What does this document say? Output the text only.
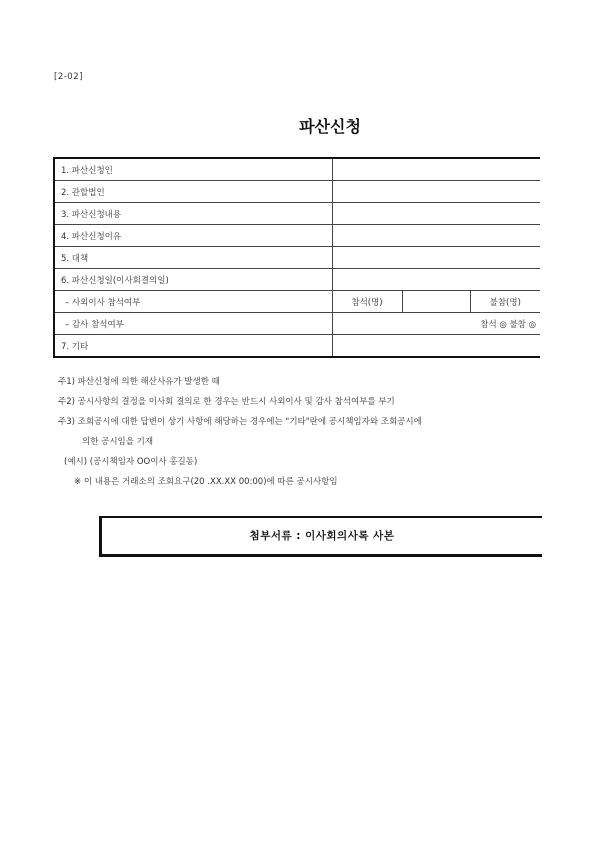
[2-02]
파산신청
1. 파산신청인			
2. 관할법인			
3. 파산신청내용			
4. 파산신청이유			
5. 대책			
6. 파산신청일(이사회결의일)			
– 사외이사 참석여부	참석(명)		불참(명)
– 감사 참석여부	참석 ◎ 불참 ◎		
7. 기타			
주1) 파산신청에 의한 해산사유가 발생한 때
주2) 공시사항의 결정을 이사회 결의로 한 경우는 반드시 사외이사 및 감사 참석여부를 부기
주3) 조회공시에 대한 답변이 상기 사항에 해당하는 경우에는 "기타"란에 공시책임자와 조회공시에
의한 공시임을 기재
(예시) (공시책임자 OO이사 홍길동)
※ 이 내용은 거래소의 조회요구(20 .XX.XX 00:00)에 따른 공시사항임
첨부서류 : 이사회의사록 사본
